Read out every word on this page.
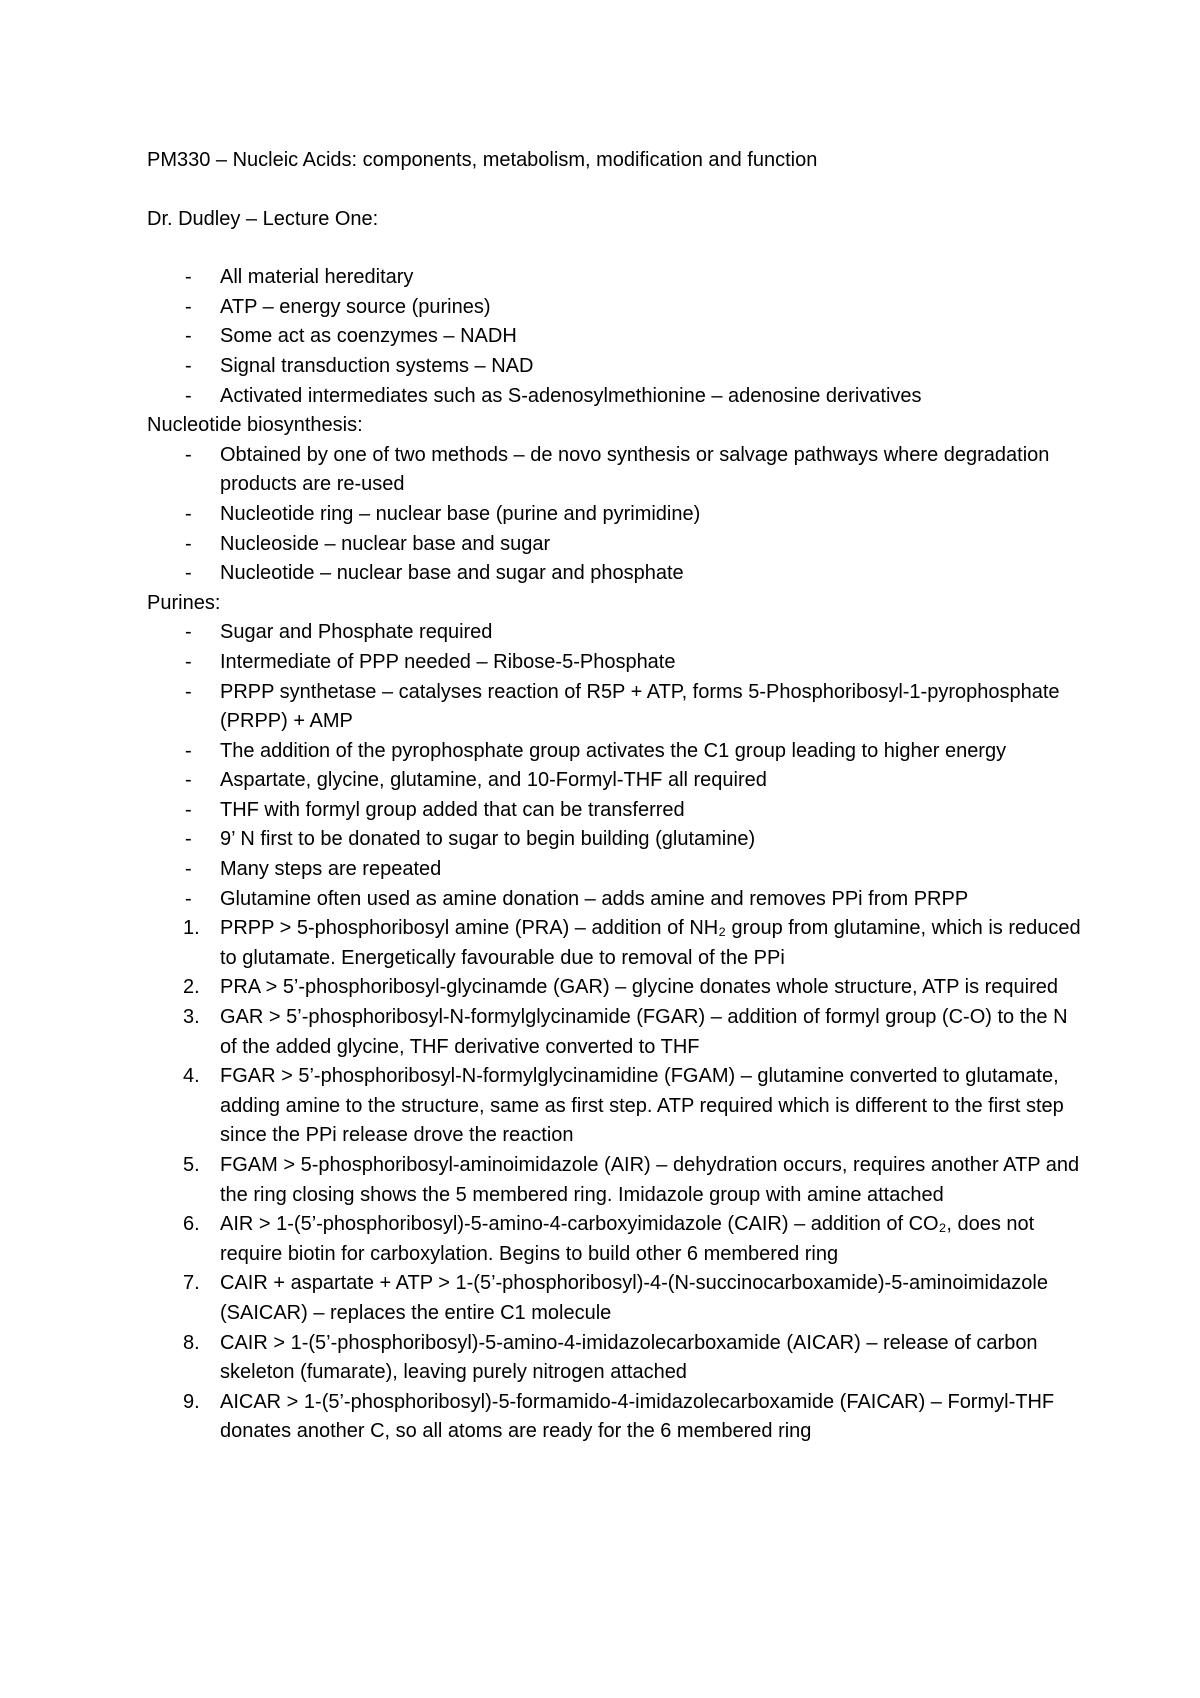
PM330 – Nucleic Acids: components, metabolism, modification and function

Dr. Dudley – Lecture One:

- All material hereditary
- ATP – energy source (purines)
- Some act as coenzymes – NADH
- Signal transduction systems – NAD
- Activated intermediates such as S-adenosylmethionine – adenosine derivatives

Nucleotide biosynthesis:

- Obtained by one of two methods – de novo synthesis or salvage pathways where degradation products are re-used
- Nucleotide ring – nuclear base (purine and pyrimidine)
- Nucleoside – nuclear base and sugar
- Nucleotide – nuclear base and sugar and phosphate

Purines:

- Sugar and Phosphate required
- Intermediate of PPP needed – Ribose-5-Phosphate
- PRPP synthetase – catalyses reaction of R5P + ATP, forms 5-Phosphoribosyl-1-pyrophosphate (PRPP) + AMP
- The addition of the pyrophosphate group activates the C1 group leading to higher energy
- Aspartate, glycine, glutamine, and 10-Formyl-THF all required
- THF with formyl group added that can be transferred
- 9’ N first to be donated to sugar to begin building (glutamine)
- Many steps are repeated
- Glutamine often used as amine donation – adds amine and removes PPi from PRPP
1. PRPP > 5-phosphoribosyl amine (PRA) – addition of NH₂ group from glutamine, which is reduced to glutamate. Energetically favourable due to removal of the PPi
2. PRA > 5’-phosphoribosyl-glycinamde (GAR) – glycine donates whole structure, ATP is required
3. GAR > 5’-phosphoribosyl-N-formylglycinamide (FGAR) – addition of formyl group (C-O) to the N of the added glycine, THF derivative converted to THF
4. FGAR > 5’-phosphoribosyl-N-formylglycinamidine (FGAM) – glutamine converted to glutamate, adding amine to the structure, same as first step. ATP required which is different to the first step since the PPi release drove the reaction
5. FGAM > 5-phosphoribosyl-aminoimidazole (AIR) – dehydration occurs, requires another ATP and the ring closing shows the 5 membered ring. Imidazole group with amine attached
6. AIR > 1-(5’-phosphoribosyl)-5-amino-4-carboxyimidazole (CAIR) – addition of CO₂, does not require biotin for carboxylation. Begins to build other 6 membered ring
7. CAIR + aspartate + ATP > 1-(5’-phosphoribosyl)-4-(N-succinocarboxamide)-5-aminoimidazole (SAICAR) – replaces the entire C1 molecule
8. CAIR > 1-(5’-phosphoribosyl)-5-amino-4-imidazolecarboxamide (AICAR) – release of carbon skeleton (fumarate), leaving purely nitrogen attached
9. AICAR > 1-(5’-phosphoribosyl)-5-formamido-4-imidazolecarboxamide (FAICAR) – Formyl-THF donates another C, so all atoms are ready for the 6 membered ring
